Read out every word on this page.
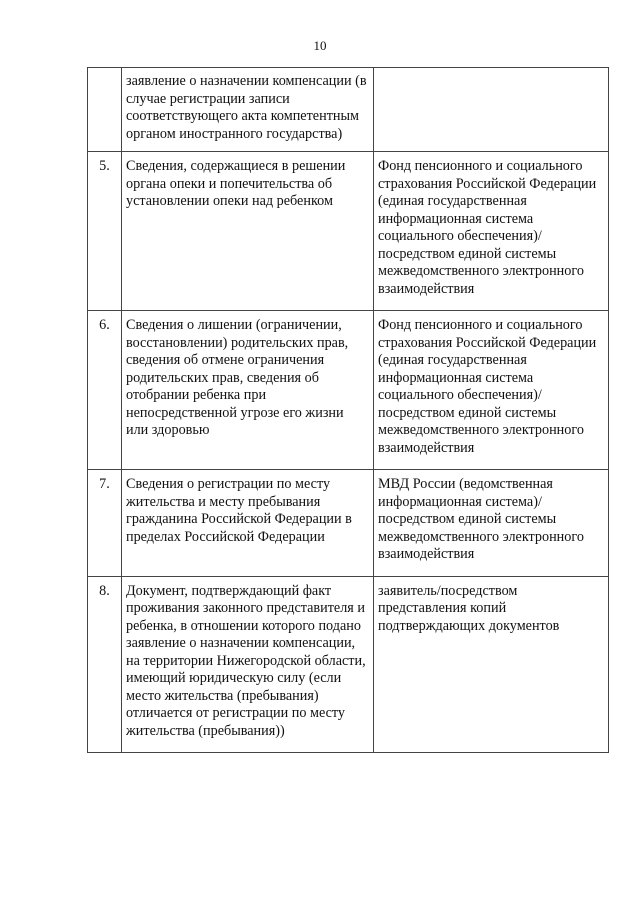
10
	заявление о назначении компенсации (в случае регистрации записи соответствующего акта компетентным органом иностранного государства)	
5.	Сведения, содержащиеся в решении органа опеки и попечительства об установлении опеки над ребенком	Фонд пенсионного и социального страхования Российской Федерации (единая государственная информационная система социального обеспечения)/посредством единой системы межведомственного электронного взаимодействия
6.	Сведения о лишении (ограничении, восстановлении) родительских прав, сведения об отмене ограничения родительских прав, сведения об отобрании ребенка при непосредственной угрозе его жизни или здоровью	Фонд пенсионного и социального страхования Российской Федерации (единая государственная информационная система социального обеспечения)/посредством единой системы межведомственного электронного взаимодействия
7.	Сведения о регистрации по месту жительства и месту пребывания гражданина Российской Федерации в пределах Российской Федерации	МВД России (ведомственная информационная система)/посредством единой системы межведомственного электронного взаимодействия
8.	Документ, подтверждающий факт проживания законного представителя и ребенка, в отношении которого подано заявление о назначении компенсации, на территории Нижегородской области, имеющий юридическую силу (если место жительства (пребывания) отличается от регистрации по месту жительства (пребывания))	заявитель/посредством представления копий подтверждающих документов
